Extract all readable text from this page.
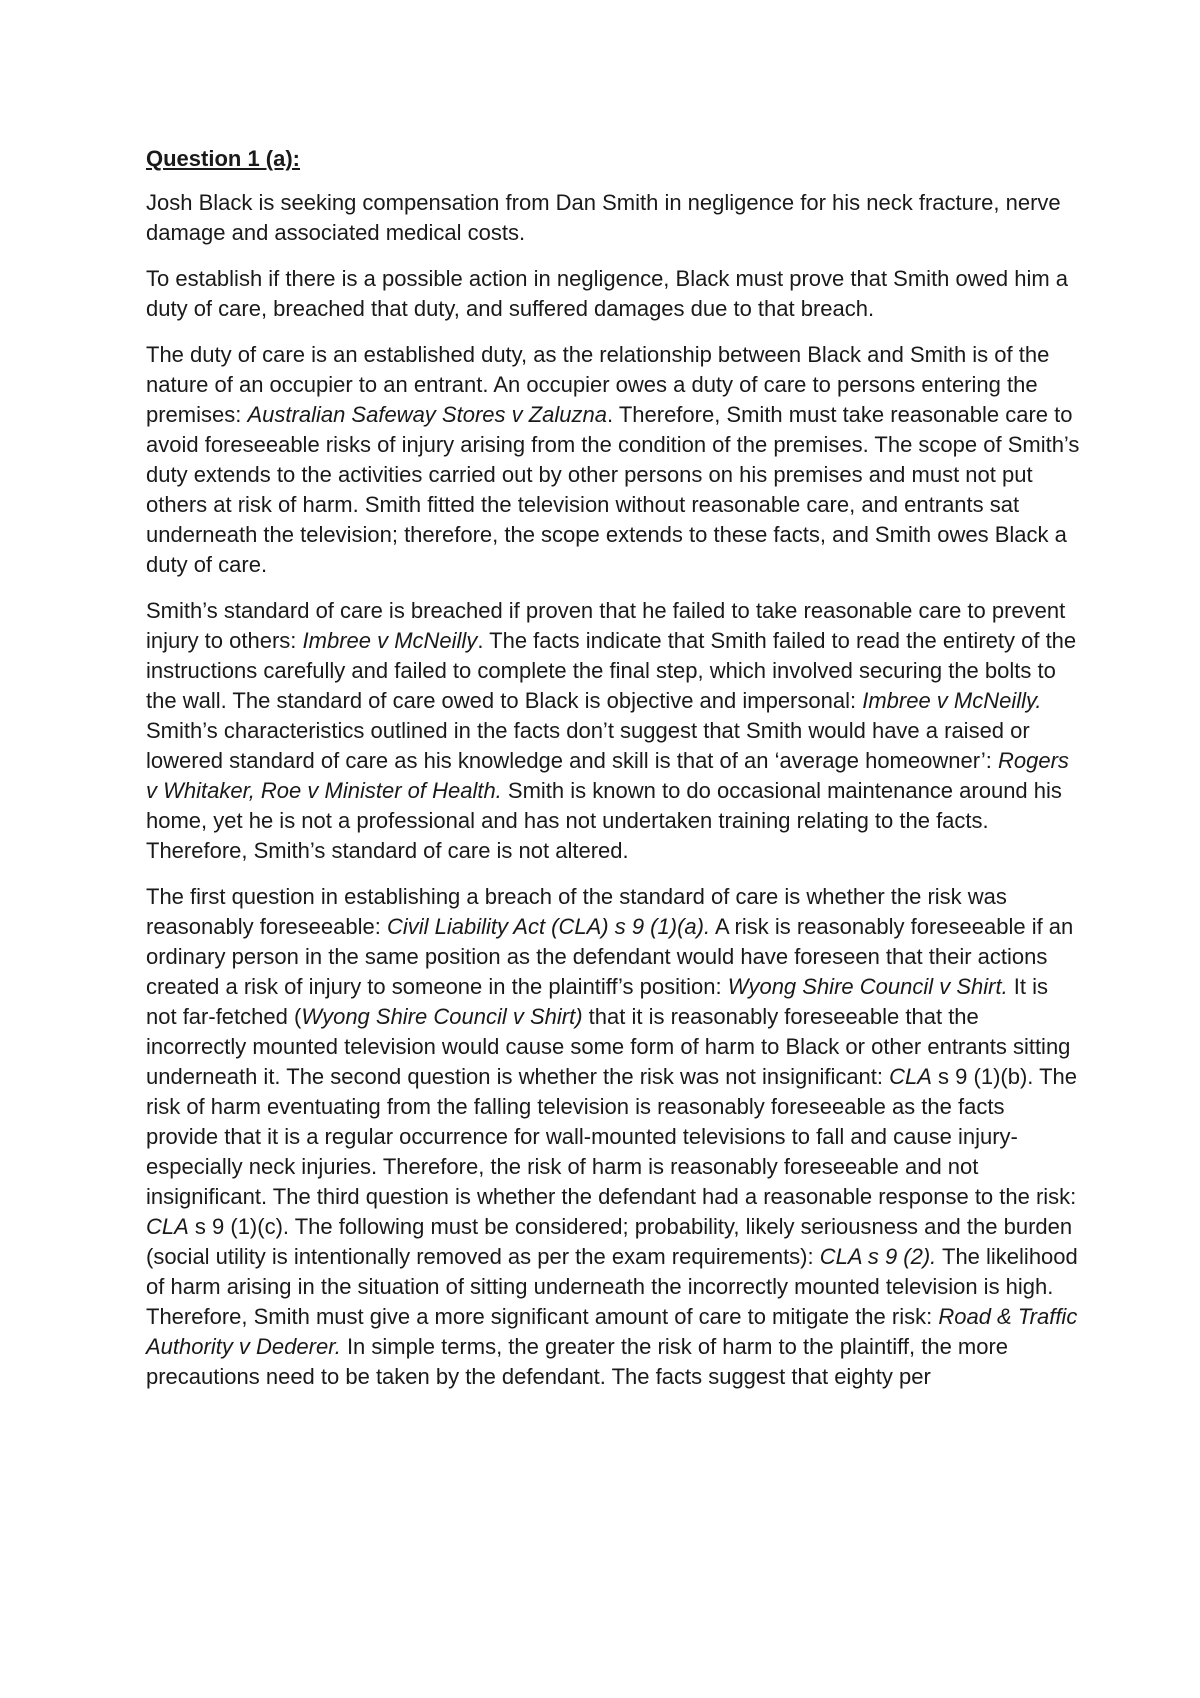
Question 1 (a):

Josh Black is seeking compensation from Dan Smith in negligence for his neck fracture, nerve damage and associated medical costs.

To establish if there is a possible action in negligence, Black must prove that Smith owed him a duty of care, breached that duty, and suffered damages due to that breach.

The duty of care is an established duty, as the relationship between Black and Smith is of the nature of an occupier to an entrant. An occupier owes a duty of care to persons entering the premises: Australian Safeway Stores v Zaluzna. Therefore, Smith must take reasonable care to avoid foreseeable risks of injury arising from the condition of the premises. The scope of Smith’s duty extends to the activities carried out by other persons on his premises and must not put others at risk of harm. Smith fitted the television without reasonable care, and entrants sat underneath the television; therefore, the scope extends to these facts, and Smith owes Black a duty of care.

Smith’s standard of care is breached if proven that he failed to take reasonable care to prevent injury to others: Imbree v McNeilly. The facts indicate that Smith failed to read the entirety of the instructions carefully and failed to complete the final step, which involved securing the bolts to the wall. The standard of care owed to Black is objective and impersonal: Imbree v McNeilly. Smith’s characteristics outlined in the facts don’t suggest that Smith would have a raised or lowered standard of care as his knowledge and skill is that of an ‘average homeowner’: Rogers v Whitaker, Roe v Minister of Health. Smith is known to do occasional maintenance around his home, yet he is not a professional and has not undertaken training relating to the facts. Therefore, Smith’s standard of care is not altered.

The first question in establishing a breach of the standard of care is whether the risk was reasonably foreseeable: Civil Liability Act (CLA) s 9 (1)(a). A risk is reasonably foreseeable if an ordinary person in the same position as the defendant would have foreseen that their actions created a risk of injury to someone in the plaintiff’s position: Wyong Shire Council v Shirt. It is not far-fetched (Wyong Shire Council v Shirt) that it is reasonably foreseeable that the incorrectly mounted television would cause some form of harm to Black or other entrants sitting underneath it. The second question is whether the risk was not insignificant: CLA s 9 (1)(b). The risk of harm eventuating from the falling television is reasonably foreseeable as the facts provide that it is a regular occurrence for wall-mounted televisions to fall and cause injury- especially neck injuries. Therefore, the risk of harm is reasonably foreseeable and not insignificant. The third question is whether the defendant had a reasonable response to the risk: CLA s 9 (1)(c). The following must be considered; probability, likely seriousness and the burden (social utility is intentionally removed as per the exam requirements): CLA s 9 (2). The likelihood of harm arising in the situation of sitting underneath the incorrectly mounted television is high. Therefore, Smith must give a more significant amount of care to mitigate the risk: Road & Traffic Authority v Dederer. In simple terms, the greater the risk of harm to the plaintiff, the more precautions need to be taken by the defendant. The facts suggest that eighty per
